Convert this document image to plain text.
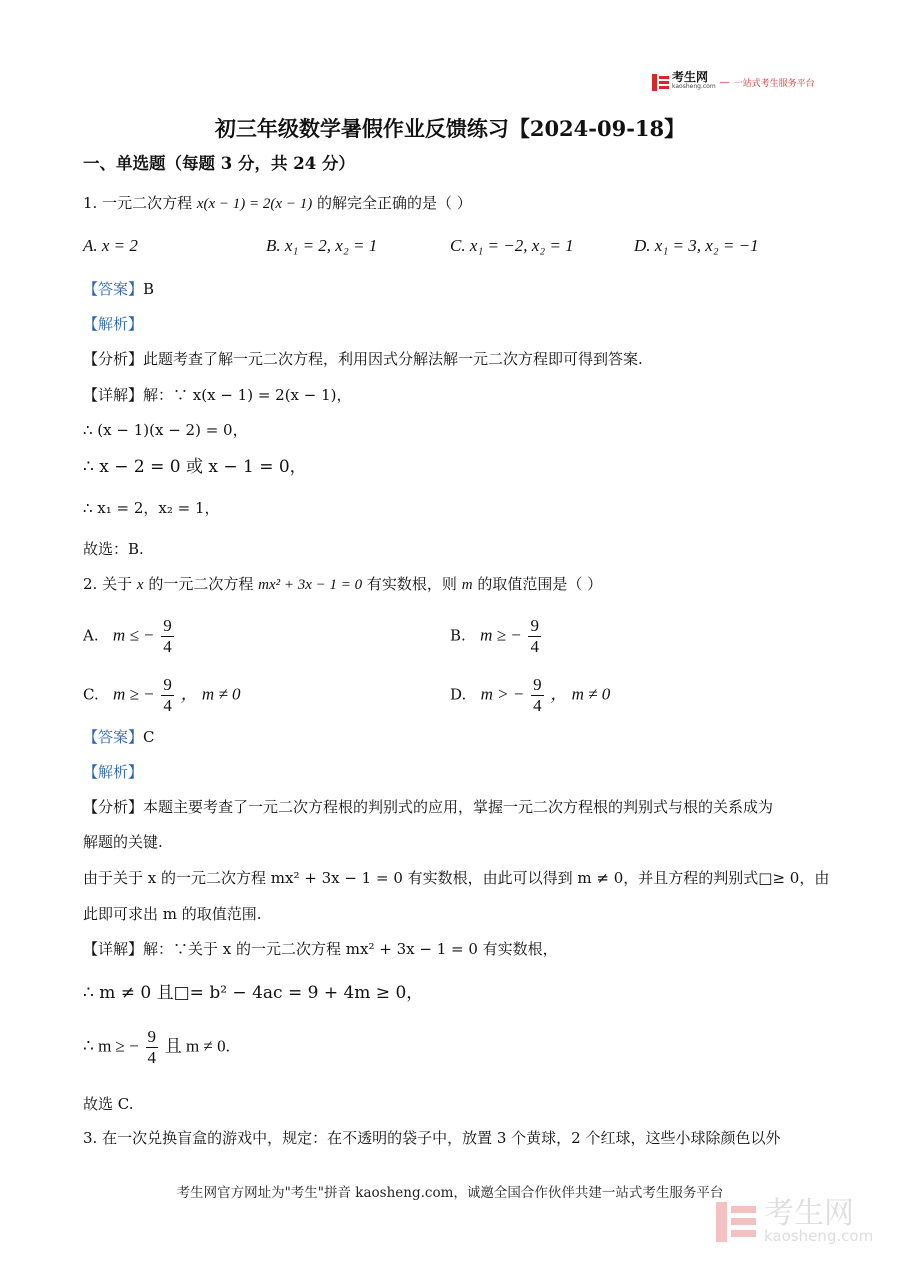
考生网
kaosheng.com — 一站式考生服务平台
初三年级数学暑假作业反馈练习【2024-09-18】
一、单选题（每题 3 分，共 24 分）
1. 一元二次方程 x(x − 1) = 2(x − 1) 的解完全正确的是（ ）
A. x = 2	B. x₁ = 2, x₂ = 1	C. x₁ = −2, x₂ = 1	D. x₁ = 3, x₂ = −1
【答案】B
【解析】
【分析】此题考查了解一元二次方程，利用因式分解法解一元二次方程即可得到答案.
【详解】解：∵ x(x − 1) = 2(x − 1)，
∴ (x − 1)(x − 2) = 0，
∴ x − 2 = 0 或 x − 1 = 0，
∴ x₁ = 2，x₂ = 1，
故选：B.
2. 关于 x 的一元二次方程 mx² + 3x − 1 = 0 有实数根，则 m 的取值范围是（ ）
A. m ≤ − $\frac{9}{4}$	B. m ≥ − $\frac{9}{4}$
C. m ≥ − $\frac{9}{4}$ ， m ≠ 0	D. m > − $\frac{9}{4}$ ， m ≠ 0
【答案】C
【解析】
【分析】本题主要考查了一元二次方程根的判别式的应用，掌握一元二次方程根的判别式与根的关系成为
解题的关键.
由于关于 x 的一元二次方程 mx² + 3x − 1 = 0 有实数根，由此可以得到 m ≠ 0，并且方程的判别式□≥ 0，由
此即可求出 m 的取值范围.
【详解】解：∵关于 x 的一元二次方程 mx² + 3x − 1 = 0 有实数根，
∴ m ≠ 0 且□= b² − 4ac = 9 + 4m ≥ 0，
∴ m ≥ − $\frac{9}{4}$ 且 m ≠ 0.
故选 C.
3. 在一次兑换盲盒的游戏中，规定：在不透明的袋子中，放置 3 个黄球，2 个红球，这些小球除颜色以外
考生网官方网址为"考生"拼音 kaosheng.com，诚邀全国合作伙伴共建一站式考生服务平台
考生网
kaosheng.com
